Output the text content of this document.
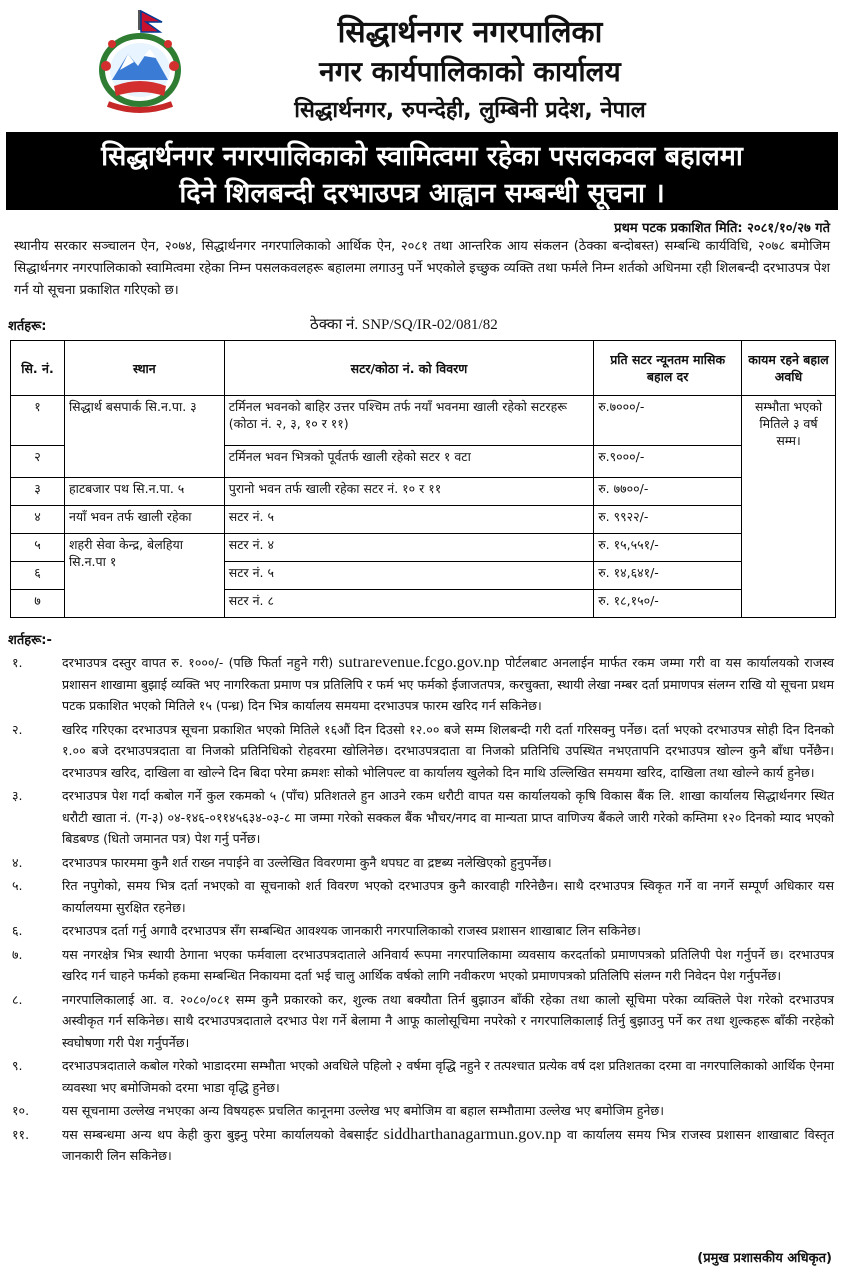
सिद्धार्थनगर नगरपालिका
नगर कार्यपालिकाको कार्यालय
सिद्धार्थनगर, रुपन्देही, लुम्बिनी प्रदेश, नेपाल
सिद्धार्थनगर नगरपालिकाको स्वामित्वमा रहेका पसलकवल बहालमा
दिने शिलबन्दी दरभाउपत्र आह्वान सम्बन्धी सूचना ।
प्रथम पटक प्रकाशित मिति: २०८१/१०/२७ गते
स्थानीय सरकार सञ्चालन ऐन, २०७४, सिद्धार्थनगर नगरपालिकाको आर्थिक ऐन, २०८१ तथा आन्तरिक आय संकलन (ठेक्का बन्दोबस्त) सम्बन्धि कार्यविधि, २०७८ बमोजिम सिद्धार्थनगर नगरपालिकाको स्वामित्वमा रहेका निम्न पसलकवलहरू बहालमा लगाउनु पर्ने भएकोले इच्छुक व्यक्ति तथा फर्मले निम्न शर्तको अधिनमा रही शिलबन्दी दरभाउपत्र पेश गर्न यो सूचना प्रकाशित गरिएको छ।
शर्तहरू:	ठेक्का नं. SNP/SQ/IR-02/081/82
सि. नं.	स्थान	सटर/कोठा नं. को विवरण	प्रति सटर न्यूनतम मासिक बहाल दर	कायम रहने बहाल अवधि
१	सिद्धार्थ बसपार्क सि.न.पा. ३	टर्मिनल भवनको बाहिर उत्तर पश्चिम तर्फ नयाँ भवनमा खाली रहेको सटरहरू (कोठा नं. २, ३, १० र ११)	रु.७०००/-	सम्भौता भएको मितिले ३ वर्ष सम्म।
२		टर्मिनल भवन भित्रको पूर्वतर्फ खाली रहेको सटर १ वटा	रु.९०००/-	
३	हाटबजार पथ सि.न.पा. ५	पुरानो भवन तर्फ खाली रहेका सटर नं. १० र ११	रु. ७७००/-	
४	नयाँ भवन तर्फ खाली रहेका	सटर नं. ५	रु. ९९२२/-	
५	शहरी सेवा केन्द्र, बेलहिया सि.न.पा १	सटर नं. ४	रु. १५,५५१/-	
६		सटर नं. ५	रु. १४,६४१/-	
७		सटर नं. ८	रु. १८,१५०/-	
शर्तहरू:-
१.	दरभाउपत्र दस्तुर वापत रु. १०००/- (पछि फिर्ता नहुने गरी) sutrarevenue.fcgo.gov.np पोर्टलबाट अनलाईन मार्फत रकम जम्मा गरी वा यस कार्यालयको राजस्व प्रशासन शाखामा बुझाई व्यक्ति भए नागरिकता प्रमाण पत्र प्रतिलिपि र फर्म भए फर्मको ईजाजतपत्र, करचुक्ता, स्थायी लेखा नम्बर दर्ता प्रमाणपत्र संलग्न राखि यो सूचना प्रथम पटक प्रकाशित भएको मितिले १५ (पन्ध्र) दिन भित्र कार्यालय समयमा दरभाउपत्र फारम खरिद गर्न सकिनेछ।
२.	खरिद गरिएका दरभाउपत्र सूचना प्रकाशित भएको मितिले १६औं दिन दिउसो १२.०० बजे सम्म शिलबन्दी गरी दर्ता गरिसक्नु पर्नेछ। दर्ता भएको दरभाउपत्र सोही दिन दिनको १.०० बजे दरभाउपत्रदाता वा निजको प्रतिनिधिको रोहवरमा खोलिनेछ। दरभाउपत्रदाता वा निजको प्रतिनिधि उपस्थित नभएतापनि दरभाउपत्र खोल्न कुनै बाँधा पर्नेछैन। दरभाउपत्र खरिद, दाखिला वा खोल्ने दिन बिदा परेमा क्रमशः सोको भोलिपल्ट वा कार्यालय खुलेको दिन माथि उल्लिखित समयमा खरिद, दाखिला तथा खोल्ने कार्य हुनेछ।
३.	दरभाउपत्र पेश गर्दा कबोल गर्ने कुल रकमको ५ (पाँच) प्रतिशतले हुन आउने रकम धरौटी वापत यस कार्यालयको कृषि विकास बैंक लि. शाखा कार्यालय सिद्धार्थनगर स्थित धरौटी खाता नं. (ग-३) ०४-१४६-०११४५६३४-०३-८ मा जम्मा गरेको सक्कल बैंक भौचर/नगद वा मान्यता प्राप्त वाणिज्य बैंकले जारी गरेको कम्तिमा १२० दिनको म्याद भएको बिडबण्ड (धितो जमानत पत्र) पेश गर्नु पर्नेछ।
४.	दरभाउपत्र फारममा कुनै शर्त राख्न नपाईने वा उल्लेखित विवरणमा कुनै थपघट वा द्रष्टब्य नलेखिएको हुनुपर्नेछ।
५.	रित नपुगेको, समय भित्र दर्ता नभएको वा सूचनाको शर्त विवरण भएको दरभाउपत्र कुनै कारवाही गरिनेछैन। साथै दरभाउपत्र स्विकृत गर्ने वा नगर्ने सम्पूर्ण अधिकार यस कार्यालयमा सुरक्षित रहनेछ।
६.	दरभाउपत्र दर्ता गर्नु अगावै दरभाउपत्र सँग सम्बन्धित आवश्यक जानकारी नगरपालिकाको राजस्व प्रशासन शाखाबाट लिन सकिनेछ।
७.	यस नगरक्षेत्र भित्र स्थायी ठेगाना भएका फर्मवाला दरभाउपत्रदाताले अनिवार्य रूपमा नगरपालिकामा व्यवसाय करदर्ताको प्रमाणपत्रको प्रतिलिपी पेश गर्नुपर्ने छ। दरभाउपत्र खरिद गर्न चाहने फर्मको हकमा सम्बन्धित निकायमा दर्ता भई चालु आर्थिक वर्षको लागि नवीकरण भएको प्रमाणपत्रको प्रतिलिपि संलग्न गरी निवेदन पेश गर्नुपर्नेछ।
८.	नगरपालिकालाई आ. व. २०८०/०८१ सम्म कुनै प्रकारको कर, शुल्क तथा बक्यौता तिर्न बुझाउन बाँकी रहेका तथा कालो सूचिमा परेका व्यक्तिले पेश गरेको दरभाउपत्र अस्वीकृत गर्न सकिनेछ। साथै दरभाउपत्रदाताले दरभाउ पेश गर्ने बेलामा नै आफू कालोसूचिमा नपरेको र नगरपालिकालाई तिर्नु बुझाउनु पर्ने कर तथा शुल्कहरू बाँकी नरहेको स्वघोषणा गरी पेश गर्नुपर्नेछ।
९.	दरभाउपत्रदाताले कबोल गरेको भाडादरमा सम्भौता भएको अवधिले पहिलो २ वर्षमा वृद्धि नहुने र तत्पश्चात प्रत्येक वर्ष दश प्रतिशतका दरमा वा नगरपालिकाको आर्थिक ऐनमा व्यवस्था भए बमोजिमको दरमा भाडा वृद्धि हुनेछ।
१०.	यस सूचनामा उल्लेख नभएका अन्य विषयहरू प्रचलित कानूनमा उल्लेख भए बमोजिम वा बहाल सम्भौतामा उल्लेख भए बमोजिम हुनेछ।
११.	यस सम्बन्धमा अन्य थप केही कुरा बुझ्नु परेमा कार्यालयको वेबसाईट siddharthanagarmun.gov.np वा कार्यालय समय भित्र राजस्व प्रशासन शाखाबाट विस्तृत जानकारी लिन सकिनेछ।
(प्रमुख प्रशासकीय अधिकृत)
